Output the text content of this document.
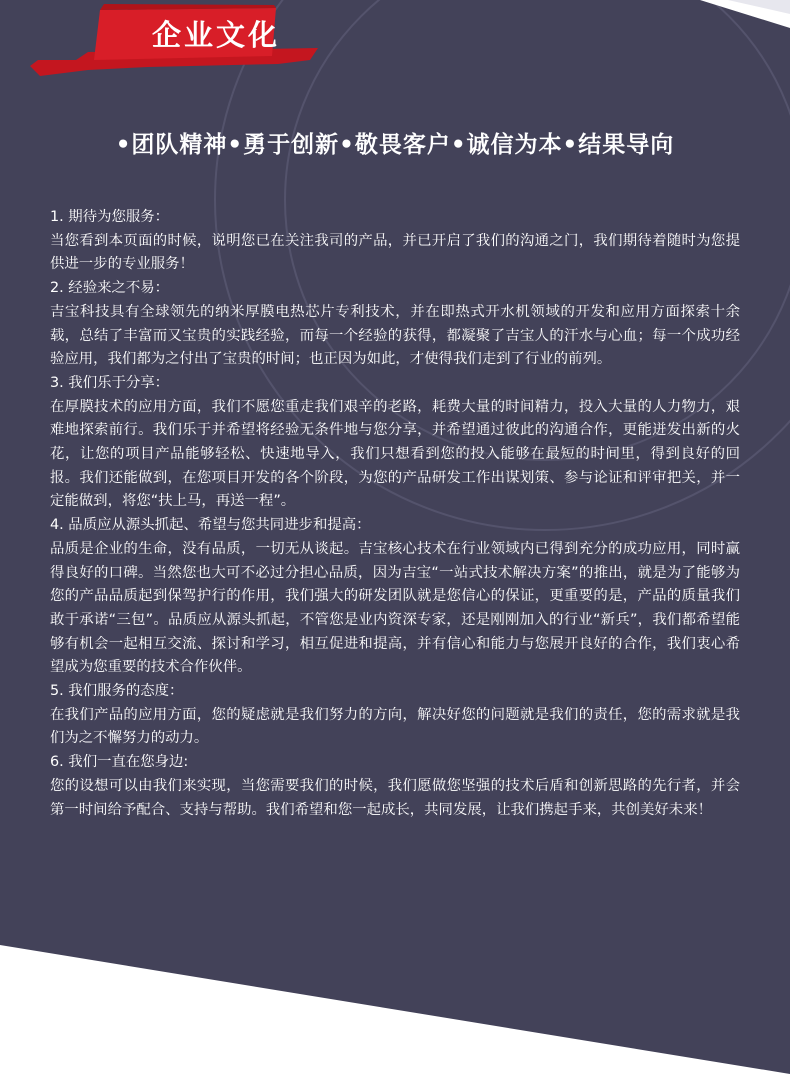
企业文化
•团队精神•勇于创新•敬畏客户•诚信为本•结果导向

1. 期待为您服务：

当您看到本页面的时候，说明您已在关注我司的产品，并已开启了我们的沟通之门，我们期待着随时为您提供进一步的专业服务！

2. 经验来之不易：

吉宝科技具有全球领先的纳米厚膜电热芯片专利技术，并在即热式开水机领域的开发和应用方面探索十余载，总结了丰富而又宝贵的实践经验，而每一个经验的获得，都凝聚了吉宝人的汗水与心血；每一个成功经验应用，我们都为之付出了宝贵的时间；也正因为如此，才使得我们走到了行业的前列。

3. 我们乐于分享：

在厚膜技术的应用方面，我们不愿您重走我们艰辛的老路，耗费大量的时间精力，投入大量的人力物力，艰难地探索前行。我们乐于并希望将经验无条件地与您分享，并希望通过彼此的沟通合作，更能迸发出新的火花，让您的项目产品能够轻松、快速地导入，我们只想看到您的投入能够在最短的时间里，得到良好的回报。我们还能做到，在您项目开发的各个阶段，为您的产品研发工作出谋划策、参与论证和评审把关，并一定能做到，将您“扶上马，再送一程”。

4. 品质应从源头抓起、希望与您共同进步和提高：

品质是企业的生命，没有品质，一切无从谈起。吉宝核心技术在行业领域内已得到充分的成功应用，同时赢得良好的口碑。当然您也大可不必过分担心品质，因为吉宝“一站式技术解决方案”的推出，就是为了能够为您的产品品质起到保驾护行的作用，我们强大的研发团队就是您信心的保证，更重要的是，产品的质量我们敢于承诺“三包”。品质应从源头抓起，不管您是业内资深专家，还是刚刚加入的行业“新兵”，我们都希望能够有机会一起相互交流、探讨和学习，相互促进和提高，并有信心和能力与您展开良好的合作，我们衷心希望成为您重要的技术合作伙伴。

5. 我们服务的态度：

在我们产品的应用方面，您的疑虑就是我们努力的方向，解决好您的问题就是我们的责任，您的需求就是我们为之不懈努力的动力。

6. 我们一直在您身边:

您的设想可以由我们来实现，当您需要我们的时候，我们愿做您坚强的技术后盾和创新思路的先行者，并会第一时间给予配合、支持与帮助。我们希望和您一起成长，共同发展，让我们携起手来，共创美好未来！
